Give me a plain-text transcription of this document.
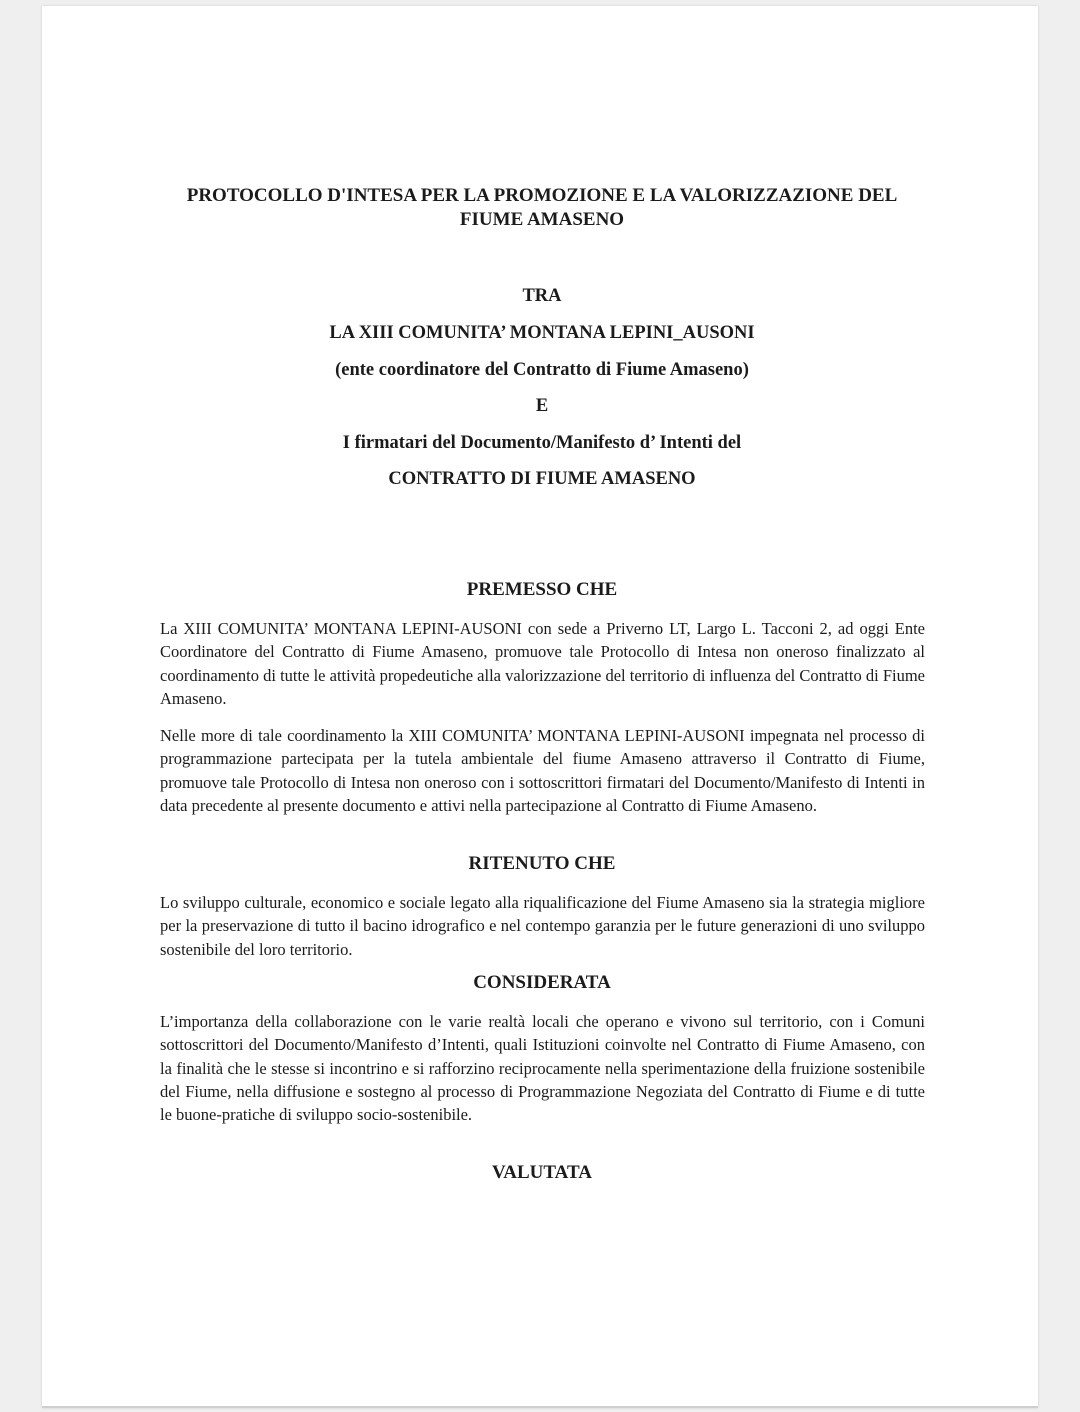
PROTOCOLLO D'INTESA PER LA PROMOZIONE E LA VALORIZZAZIONE DEL
FIUME AMASENO

TRA

LA XIII COMUNITA’ MONTANA LEPINI_AUSONI

(ente coordinatore del Contratto di Fiume Amaseno)

E

I firmatari del Documento/Manifesto d’ Intenti del

CONTRATTO DI FIUME AMASENO

PREMESSO CHE

La XIII COMUNITA’ MONTANA LEPINI-AUSONI con sede a Priverno LT, Largo L. Tacconi 2, ad oggi Ente Coordinatore del Contratto di Fiume Amaseno, promuove tale Protocollo di Intesa non oneroso finalizzato al coordinamento di tutte le attività propedeutiche alla valorizzazione del territorio di influenza del Contratto di Fiume Amaseno.

Nelle more di tale coordinamento la XIII COMUNITA’ MONTANA LEPINI-AUSONI impegnata nel processo di programmazione partecipata per la tutela ambientale del fiume Amaseno attraverso il Contratto di Fiume, promuove tale Protocollo di Intesa non oneroso con i sottoscrittori firmatari del Documento/Manifesto di Intenti in data precedente al presente documento e attivi nella partecipazione al Contratto di Fiume Amaseno.

RITENUTO CHE

Lo sviluppo culturale, economico e sociale legato alla riqualificazione del Fiume Amaseno sia la strategia migliore per la preservazione di tutto il bacino idrografico e nel contempo garanzia per le future generazioni di uno sviluppo sostenibile del loro territorio.

CONSIDERATA

L’importanza della collaborazione con le varie realtà locali che operano e vivono sul territorio, con i Comuni sottoscrittori del Documento/Manifesto d’Intenti, quali Istituzioni coinvolte nel Contratto di Fiume Amaseno, con la finalità che le stesse si incontrino e si rafforzino reciprocamente nella sperimentazione della fruizione sostenibile del Fiume, nella diffusione e sostegno al processo di Programmazione Negoziata del Contratto di Fiume e di tutte le buone-pratiche di sviluppo socio-sostenibile.

VALUTATA
